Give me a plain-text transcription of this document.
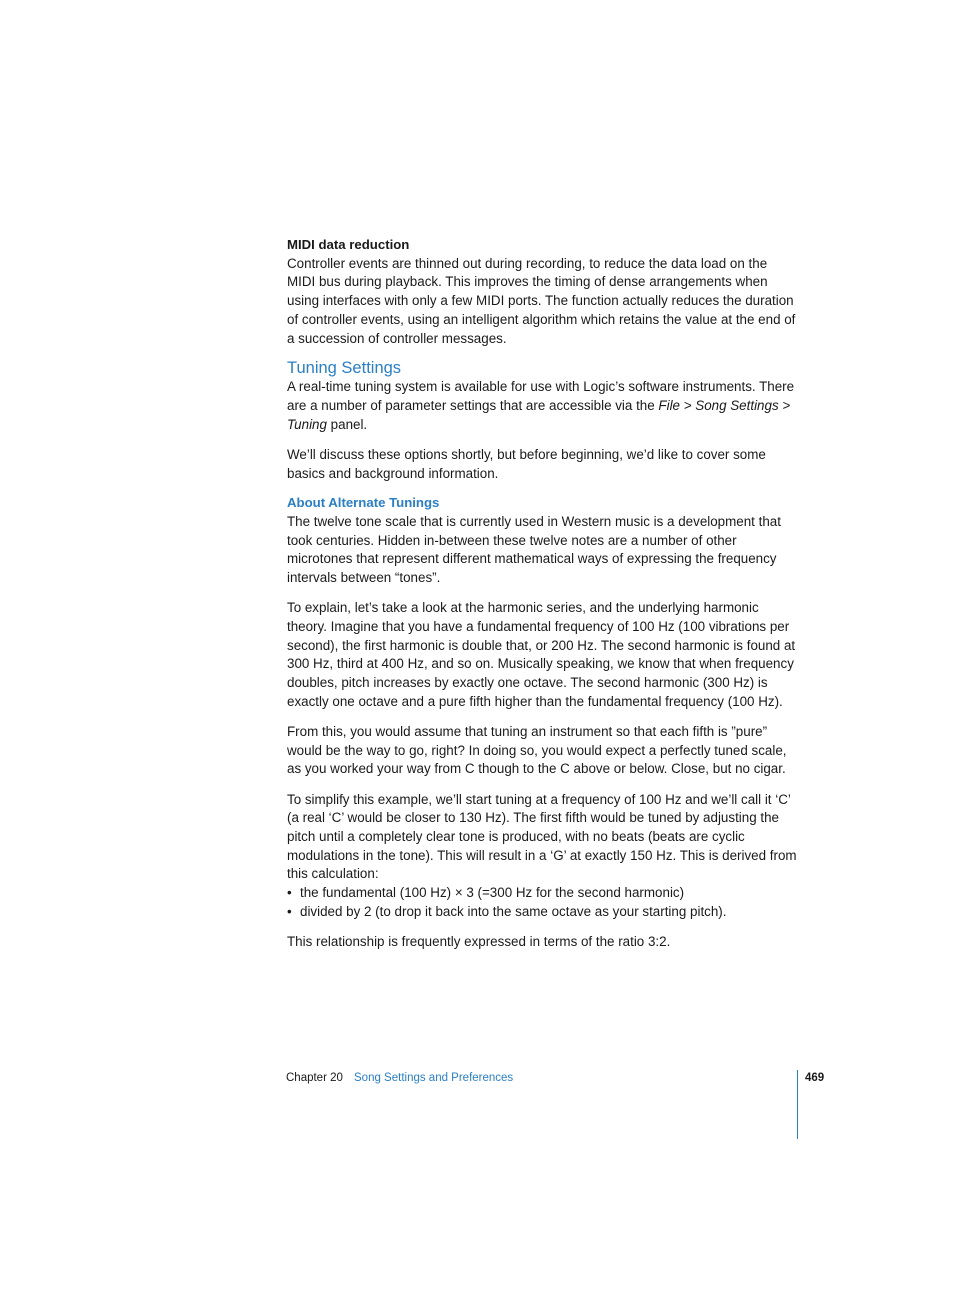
MIDI data reduction

Controller events are thinned out during recording, to reduce the data load on the MIDI bus during playback. This improves the timing of dense arrangements when using interfaces with only a few MIDI ports. The function actually reduces the duration of controller events, using an intelligent algorithm which retains the value at the end of a succession of controller messages.

Tuning Settings

A real-time tuning system is available for use with Logic’s software instruments. There are a number of parameter settings that are accessible via the File > Song Settings > Tuning panel.

We’ll discuss these options shortly, but before beginning, we’d like to cover some basics and background information.

About Alternate Tunings

The twelve tone scale that is currently used in Western music is a development that took centuries. Hidden in-between these twelve notes are a number of other microtones that represent different mathematical ways of expressing the frequency intervals between “tones”.

To explain, let’s take a look at the harmonic series, and the underlying harmonic theory. Imagine that you have a fundamental frequency of 100 Hz (100 vibrations per second), the first harmonic is double that, or 200 Hz. The second harmonic is found at 300 Hz, third at 400 Hz, and so on. Musically speaking, we know that when frequency doubles, pitch increases by exactly one octave. The second harmonic (300 Hz) is exactly one octave and a pure fifth higher than the fundamental frequency (100 Hz).

From this, you would assume that tuning an instrument so that each fifth is ”pure” would be the way to go, right? In doing so, you would expect a perfectly tuned scale, as you worked your way from C though to the C above or below. Close, but no cigar.

To simplify this example, we’ll start tuning at a frequency of 100 Hz and we’ll call it ‘C’ (a real ‘C’ would be closer to 130 Hz). The first fifth would be tuned by adjusting the pitch until a completely clear tone is produced, with no beats (beats are cyclic modulations in the tone). This will result in a ‘G’ at exactly 150 Hz. This is derived from this calculation:

• the fundamental (100 Hz) × 3 (=300 Hz for the second harmonic)
• divided by 2 (to drop it back into the same octave as your starting pitch).

This relationship is frequently expressed in terms of the ratio 3:2.

Chapter 20 Song Settings and Preferences	469
